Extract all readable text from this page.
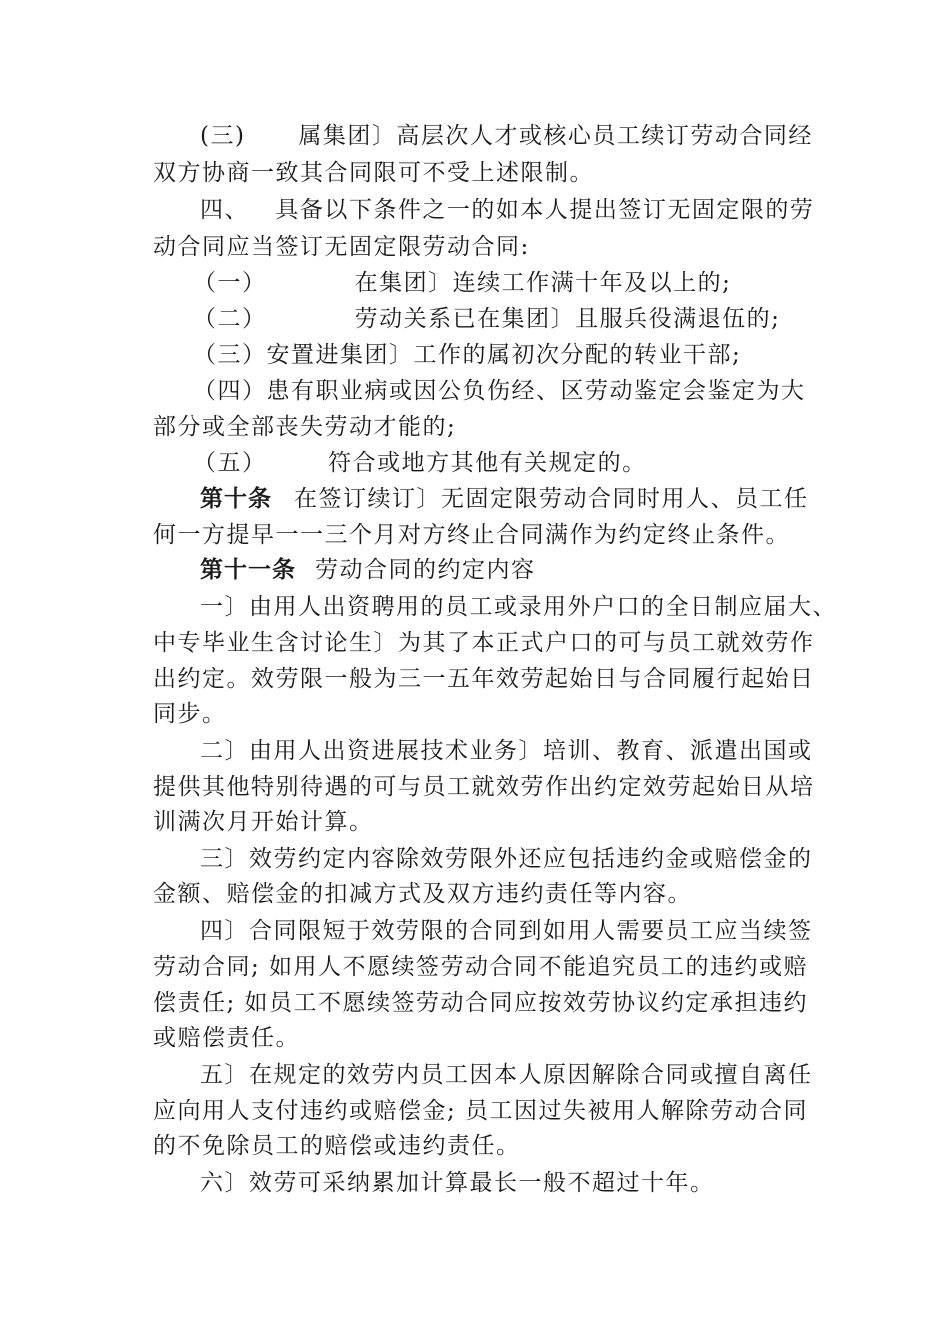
(三)      属集团〕高层次人才或核心员工续订劳动合同经
双方协商一致其合同限可不受上述限制。
四、   具备以下条件之一的如本人提出签订无固定限的劳
动合同应当签订无固定限劳动合同:
（一）          在集团〕连续工作满十年及以上的;
（二）          劳动关系已在集团〕且服兵役满退伍的;
（三）安置进集团〕工作的属初次分配的转业干部;
（四）患有职业病或因公负伤经、区劳动鉴定会鉴定为大
部分或全部丧失劳动才能的;
（五）       符合或地方其他有关规定的。
第十条 在签订续订〕无固定限劳动合同时用人、员工任
何一方提早一一三个月对方终止合同满作为约定终止条件。
第十一条 劳动合同的约定内容
一〕由用人出资聘用的员工或录用外户口的全日制应届大、
中专毕业生含讨论生〕为其了本正式户口的可与员工就效劳作
出约定。效劳限一般为三一五年效劳起始日与合同履行起始日
同步。
二〕由用人出资进展技术业务〕培训、教育、派遣出国或
提供其他特别待遇的可与员工就效劳作出约定效劳起始日从培
训满次月开始计算。
三〕效劳约定内容除效劳限外还应包括违约金或赔偿金的
金额、赔偿金的扣减方式及双方违约责任等内容。
四〕合同限短于效劳限的合同到如用人需要员工应当续签
劳动合同; 如用人不愿续签劳动合同不能追究员工的违约或赔
偿责任; 如员工不愿续签劳动合同应按效劳协议约定承担违约
或赔偿责任。
五〕在规定的效劳内员工因本人原因解除合同或擅自离任
应向用人支付违约或赔偿金; 员工因过失被用人解除劳动合同
的不免除员工的赔偿或违约责任。
六〕效劳可采纳累加计算最长一般不超过十年。
